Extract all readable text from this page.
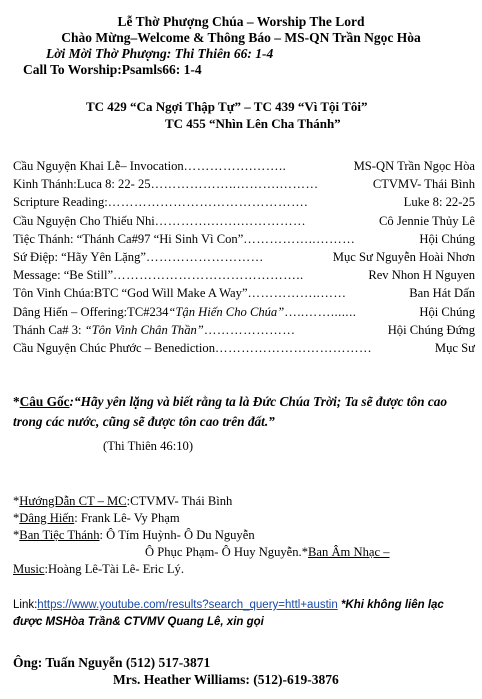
Lễ Thờ Phượng Chúa – Worship The Lord
Chào Mừng–Welcome & Thông Báo – MS-QN Trần Ngọc Hòa
Lời Mời Thờ Phượng: Thi Thiên 66: 1-4
Call To Worship:Psamls66: 1-4
TC 429 “Ca Ngợi Thập Tự” – TC 439 “Vì Tội Tôi”
TC 455 “Nhìn Lên Cha Thánh”
Cầu Nguyện Khai Lễ– Invocation …………….……..	MS-QN Trần Ngọc Hòa
Kinh Thánh:Luca 8: 22- 25 ………………..……….………	CTVMV- Thái Bình
Scripture Reading: ……………………………………….	Luke 8: 22-25
Cầu Nguyện Cho Thiếu Nhi ………….…….……………	Cô Jennie Thủy Lê
Tiệc Thánh: “Thánh Ca#97 “Hi Sinh Vì Con” ……………..………	Hội Chúng
Sứ Điệp: “Hãy Yên Lặng” ………………………	Mục Sư Nguyễn Hoài Nhơn
Message: “Be Still” ……………………………………..	Rev Nhon H Nguyen
Tôn Vinh Chúa:BTC “God Will Make A Way” ……………..……	Ban Hát Dấn
Dâng Hiến – Offering:TC#234“Tận Hiến Cho Chúa” …..…….......	Hội Chúng
Thánh Ca# 3: “Tôn Vinh Chân Thần” …………………	Hội Chúng Đứng
Cầu Nguyện Chúc Phước – Benediction ………………………………	Mục Sư
*Câu Gốc:“Hãy yên lặng và biết rằng ta là Đức Chúa Trời; Ta sẽ được tôn cao trong các nước, cũng sẽ được tôn cao trên đất.”
(Thi Thiên 46:10)
*HướngDẫn CT – MC:CTVMV- Thái Bình
*Dâng Hiến: Frank Lê- Vy Phạm
*Ban Tiệc Thánh: Ô Tím Huỳnh- Ô Du Nguyễn
Ô Phục Phạm- Ô Huy Nguyễn.*Ban Âm Nhạc –
Music:Hoàng Lê-Tài Lê- Eric Lý.
Link:https://www.youtube.com/results?search_query=httl+austin *Khi không liên lạc được MSHòa Trần& CTVMV Quang Lê, xin gọi
Ông: Tuấn Nguyễn (512) 517-3871
Mrs. Heather Williams: (512)-619-3876
